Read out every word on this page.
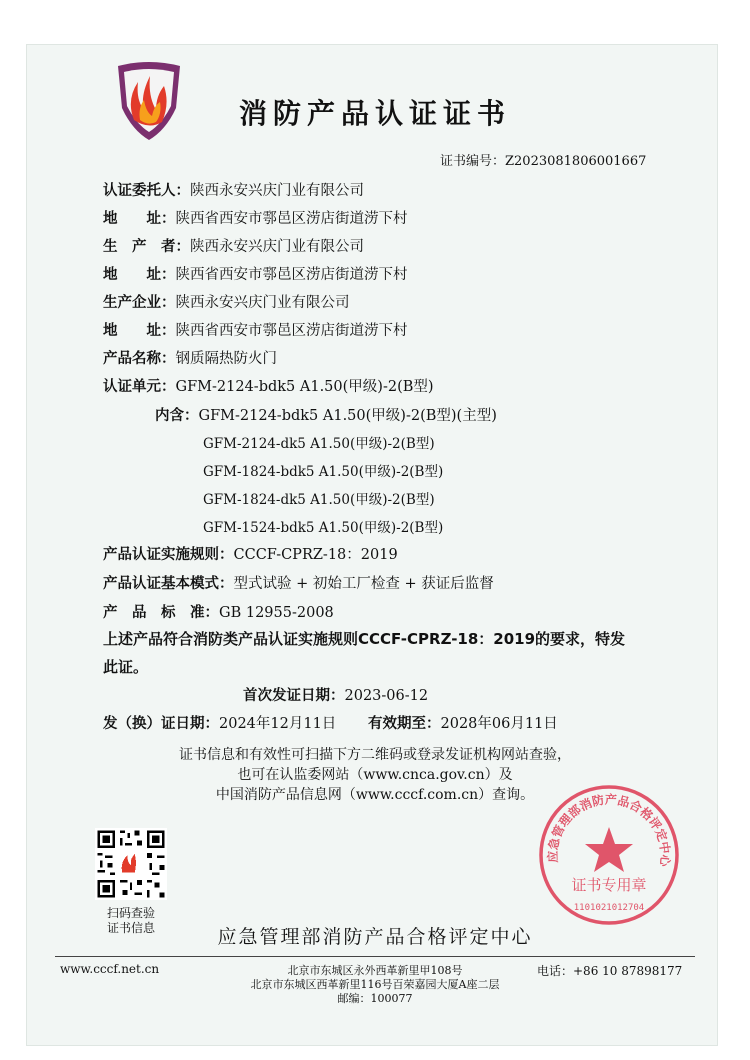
消防产品认证证书
证书编号：Z2023081806001667
认证委托人：陕西永安兴庆门业有限公司
地　　址：陕西省西安市鄠邑区涝店街道涝下村
生　产　者：陕西永安兴庆门业有限公司
地　　址：陕西省西安市鄠邑区涝店街道涝下村
生产企业：陕西永安兴庆门业有限公司
地　　址：陕西省西安市鄠邑区涝店街道涝下村
产品名称：钢质隔热防火门
认证单元：GFM-2124-bdk5 A1.50(甲级)-2(B型)
内含：GFM-2124-bdk5 A1.50(甲级)-2(B型)(主型)
GFM-2124-dk5 A1.50(甲级)-2(B型)
GFM-1824-bdk5 A1.50(甲级)-2(B型)
GFM-1824-dk5 A1.50(甲级)-2(B型)
GFM-1524-bdk5 A1.50(甲级)-2(B型)
产品认证实施规则：CCCF-CPRZ-18：2019
产品认证基本模式：型式试验 + 初始工厂检查 + 获证后监督
产　品　标　准：GB 12955-2008
上述产品符合消防类产品认证实施规则CCCF-CPRZ-18：2019的要求，特发
此证。
首次发证日期：2023-06-12
发（换）证日期：2024年12月11日 有效期至：2028年06月11日
证书信息和有效性可扫描下方二维码或登录发证机构网站查验，
也可在认监委网站（www.cnca.gov.cn）及
中国消防产品信息网（www.cccf.com.cn）查询。
扫码查验
证书信息
应急管理部消防产品合格评定中心
证书专用章
1101021012704
应急管理部消防产品合格评定中心
www.cccf.net.cn	北京市东城区永外西革新里甲108号
北京市东城区西革新里116号百荣嘉园大厦A座二层
邮编：100077
电话：+86 10 87898177
